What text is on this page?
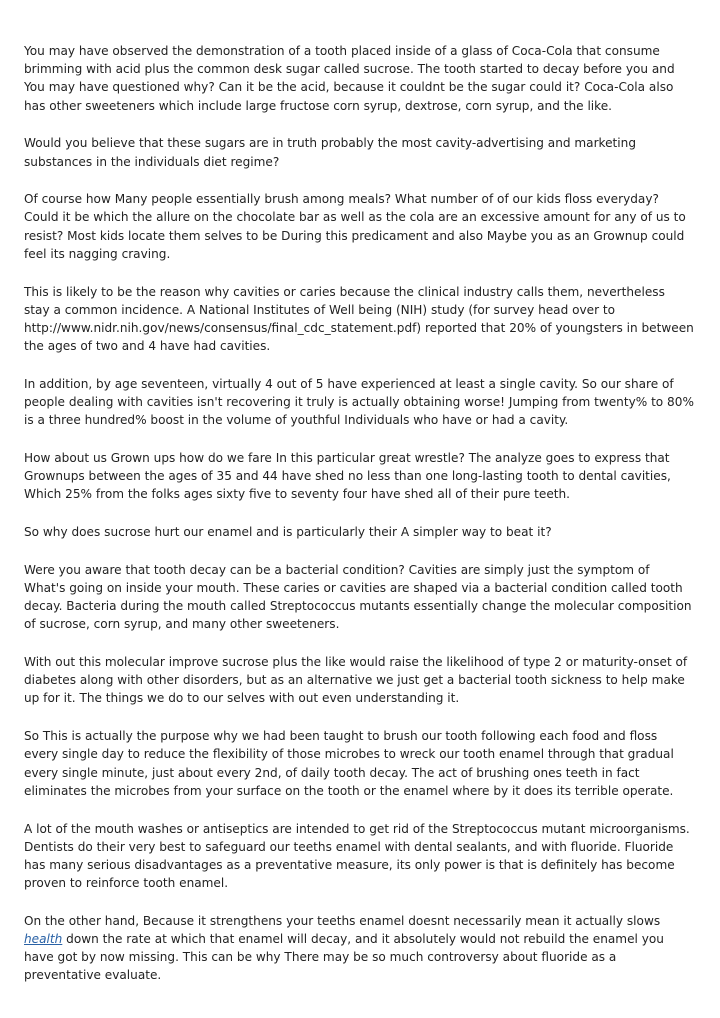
You may have observed the demonstration of a tooth placed inside of a glass of Coca-Cola that consume brimming with acid plus the common desk sugar called sucrose. The tooth started to decay before you and You may have questioned why? Can it be the acid, because it couldnt be the sugar could it? Coca-Cola also has other sweeteners which include large fructose corn syrup, dextrose, corn syrup, and the like.

Would you believe that these sugars are in truth probably the most cavity-advertising and marketing substances in the individuals diet regime?

Of course how Many people essentially brush among meals? What number of of our kids floss everyday? Could it be which the allure on the chocolate bar as well as the cola are an excessive amount for any of us to resist? Most kids locate them selves to be During this predicament and also Maybe you as an Grownup could feel its nagging craving.

This is likely to be the reason why cavities or caries because the clinical industry calls them, nevertheless stay a common incidence. A National Institutes of Well being (NIH) study (for survey head over to http://www.nidr.nih.gov/news/consensus/final_cdc_statement.pdf) reported that 20% of youngsters in between the ages of two and 4 have had cavities.

In addition, by age seventeen, virtually 4 out of 5 have experienced at least a single cavity. So our share of people dealing with cavities isn't recovering it truly is actually obtaining worse! Jumping from twenty% to 80% is a three hundred% boost in the volume of youthful Individuals who have or had a cavity.

How about us Grown ups how do we fare In this particular great wrestle? The analyze goes to express that Grownups between the ages of 35 and 44 have shed no less than one long-lasting tooth to dental cavities, Which 25% from the folks ages sixty five to seventy four have shed all of their pure teeth.

So why does sucrose hurt our enamel and is particularly their A simpler way to beat it?

Were you aware that tooth decay can be a bacterial condition? Cavities are simply just the symptom of What's going on inside your mouth. These caries or cavities are shaped via a bacterial condition called tooth decay. Bacteria during the mouth called Streptococcus mutants essentially change the molecular composition of sucrose, corn syrup, and many other sweeteners.

With out this molecular improve sucrose plus the like would raise the likelihood of type 2 or maturity-onset of diabetes along with other disorders, but as an alternative we just get a bacterial tooth sickness to help make up for it. The things we do to our selves with out even understanding it.

So This is actually the purpose why we had been taught to brush our tooth following each food and floss every single day to reduce the flexibility of those microbes to wreck our tooth enamel through that gradual every single minute, just about every 2nd, of daily tooth decay. The act of brushing ones teeth in fact eliminates the microbes from your surface on the tooth or the enamel where by it does its terrible operate.

A lot of the mouth washes or antiseptics are intended to get rid of the Streptococcus mutant microorganisms. Dentists do their very best to safeguard our teeths enamel with dental sealants, and with fluoride. Fluoride has many serious disadvantages as a preventative measure, its only power is that is definitely has become proven to reinforce tooth enamel.

On the other hand, Because it strengthens your teeths enamel doesnt necessarily mean it actually slows health down the rate at which that enamel will decay, and it absolutely would not rebuild the enamel you have got by now missing. This can be why There may be so much controversy about fluoride as a preventative evaluate.
